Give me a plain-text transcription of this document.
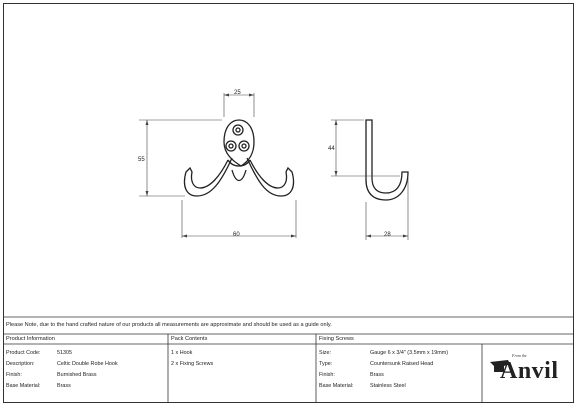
25
55
60
44
28
Please Note, due to the hand crafted nature of our products all measurements are approximate and should be used as a guide only.
Product Information	Pack Contents	Fixing Screws
Product Code:	51305
Description:	Celtic Double Robe Hook
Finish:	Burnished Brass
Base Material:	Brass
1 x Hook
2 x Fixing Screws
Size:	Gauge 6 x 3/4" (3.5mm x 19mm)
Type:	Countersunk Raised Head
Finish:	Brass
Base Material:	Stainless Steel
From the
Anvil
